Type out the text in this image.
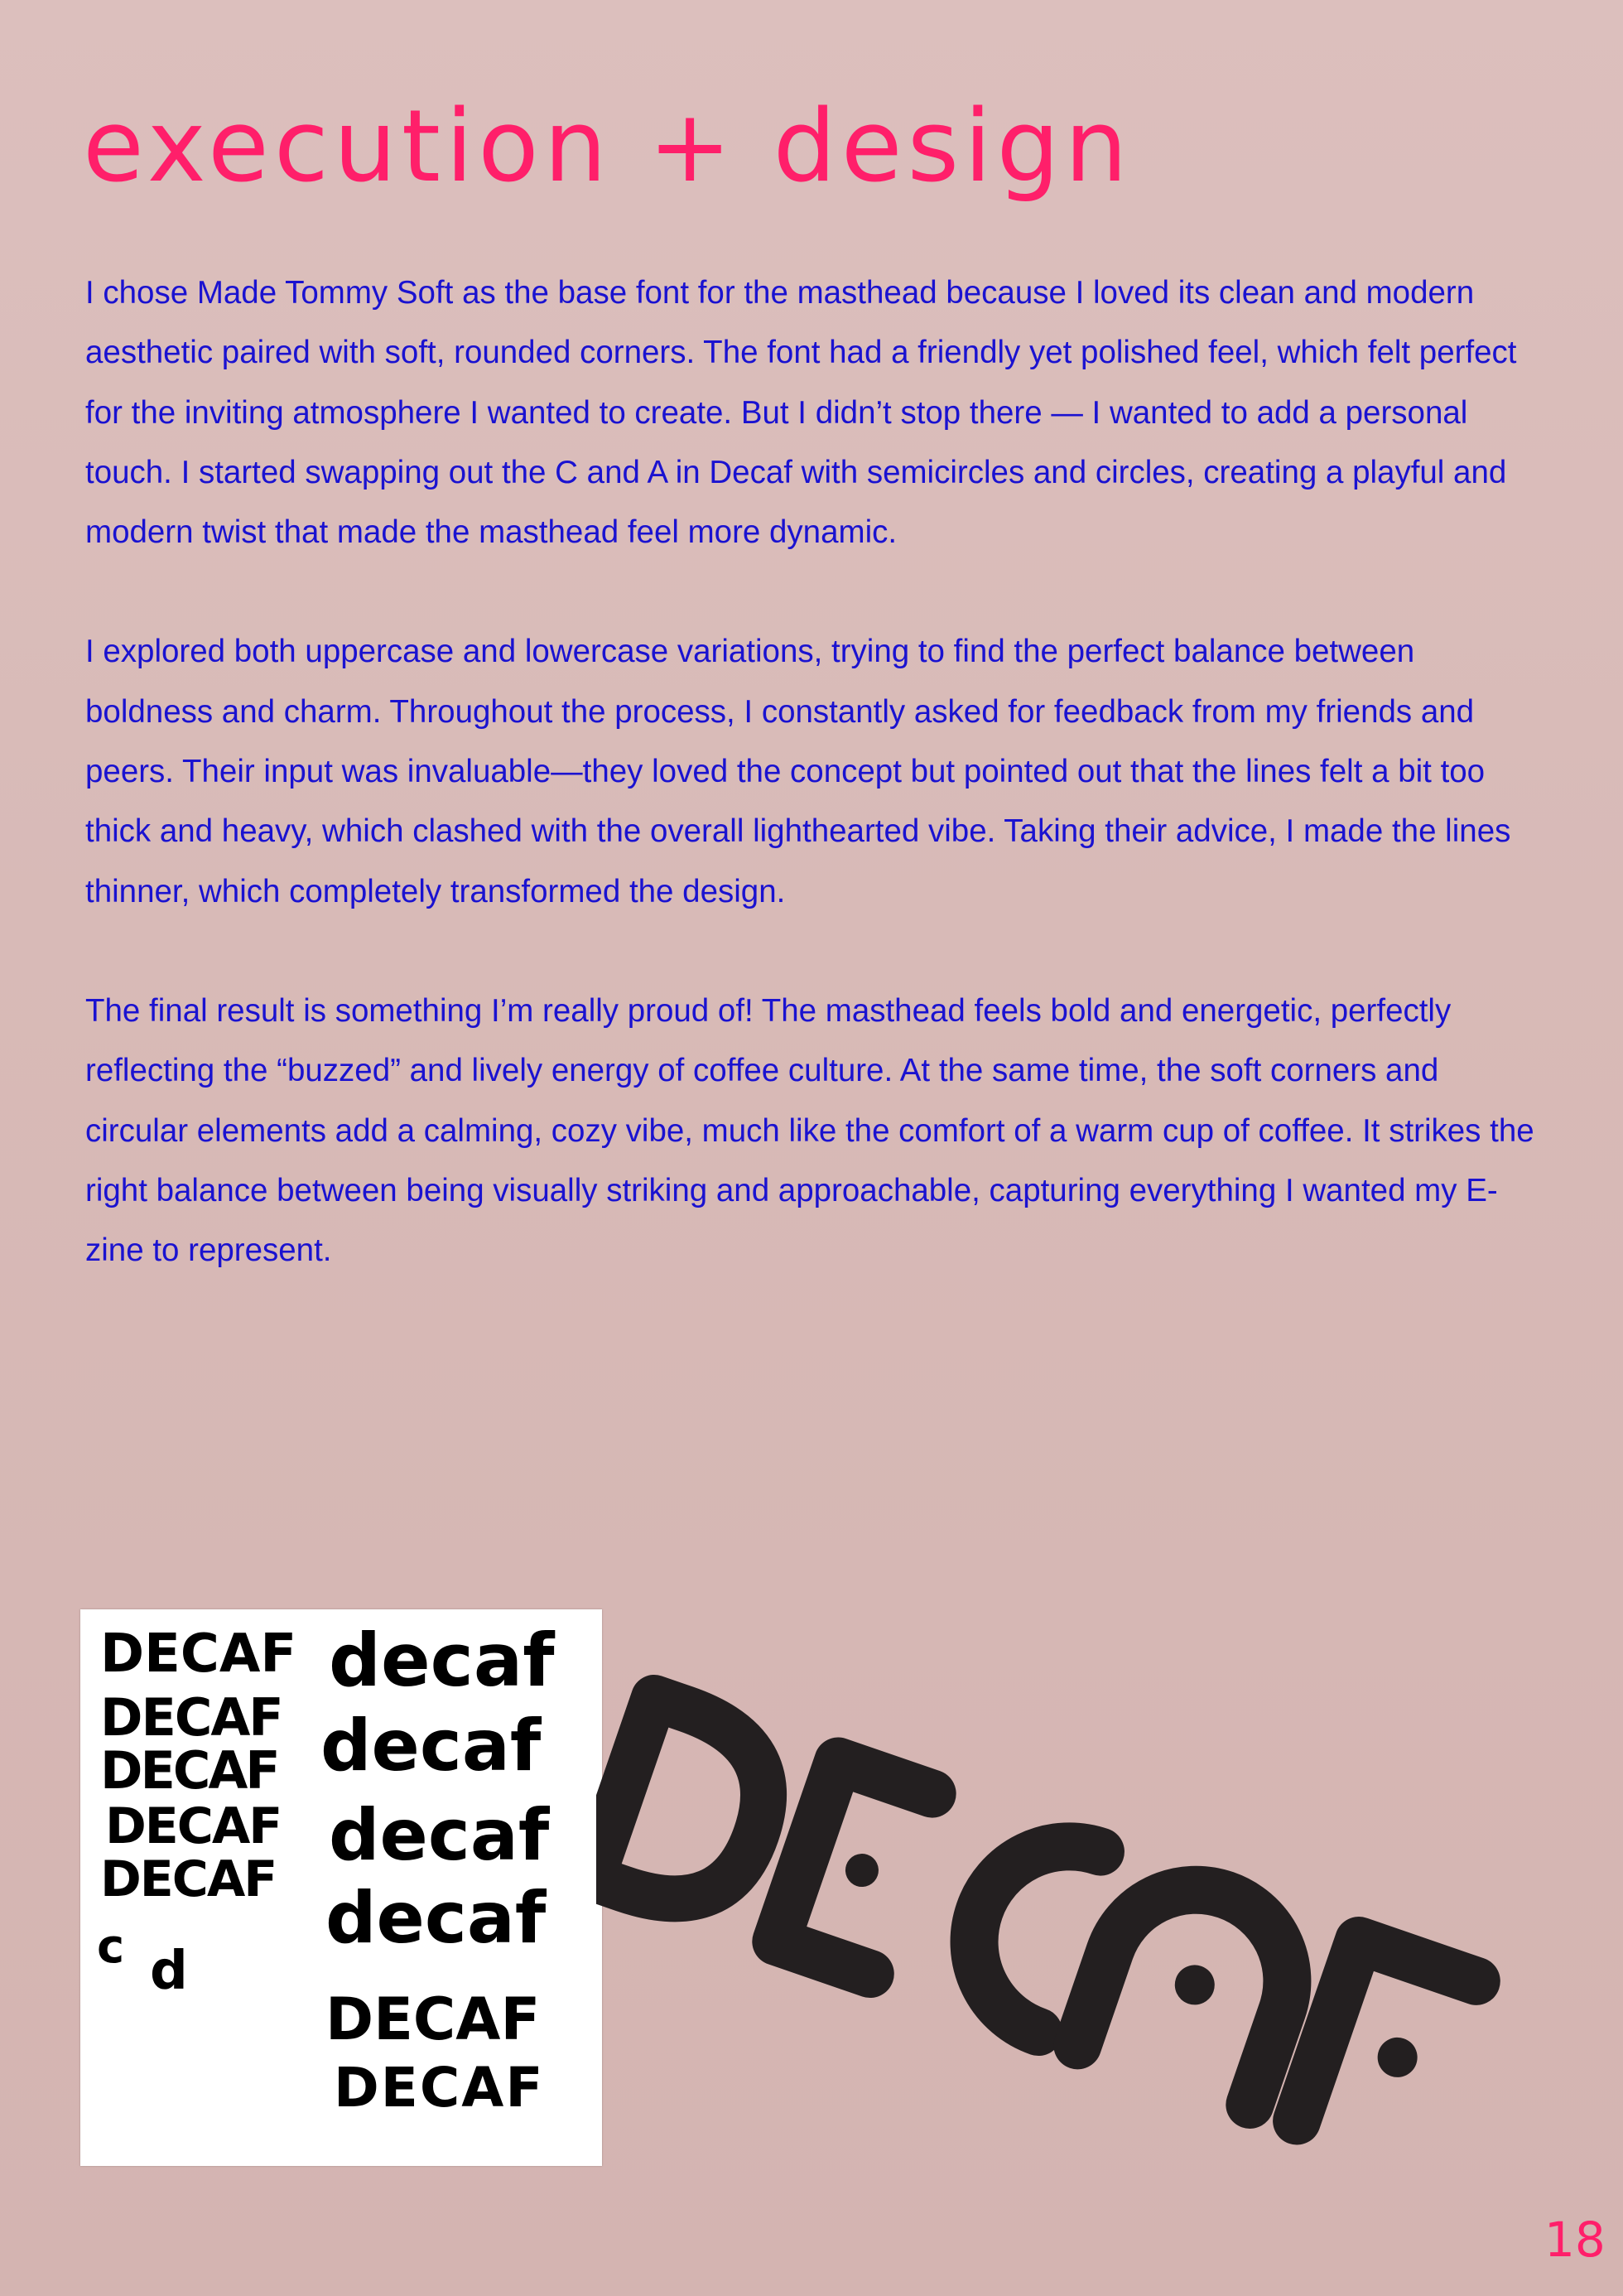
execution + design

I chose Made Tommy Soft as the base font for the masthead because I loved its clean and modern aesthetic paired with soft, rounded corners. The font had a friendly yet polished feel, which felt perfect for the inviting atmosphere I wanted to create. But I didn’t stop there — I wanted to add a personal touch. I started swapping out the C and A in Decaf with semicircles and circles, creating a playful and modern twist that made the masthead feel more dynamic.

I explored both uppercase and lowercase variations, trying to find the perfect balance between boldness and charm. Throughout the process, I constantly asked for feedback from my friends and peers. Their input was invaluable—they loved the concept but pointed out that the lines felt a bit too thick and heavy, which clashed with the overall lighthearted vibe. Taking their advice, I made the lines thinner, which completely transformed the design.

The final result is something I’m really proud of! The masthead feels bold and energetic, perfectly reflecting the “buzzed” and lively energy of coffee culture. At the same time, the soft corners and circular elements add a calming, cozy vibe, much like the comfort of a warm cup of coffee. It strikes the right balance between being visually striking and approachable, capturing everything I wanted my E-zine to represent.

DECAF
DECAF
DECAF
DECAF
DECAF
c d
decaf
decaf
decaf
decaf
DECAF
DECAF
18
